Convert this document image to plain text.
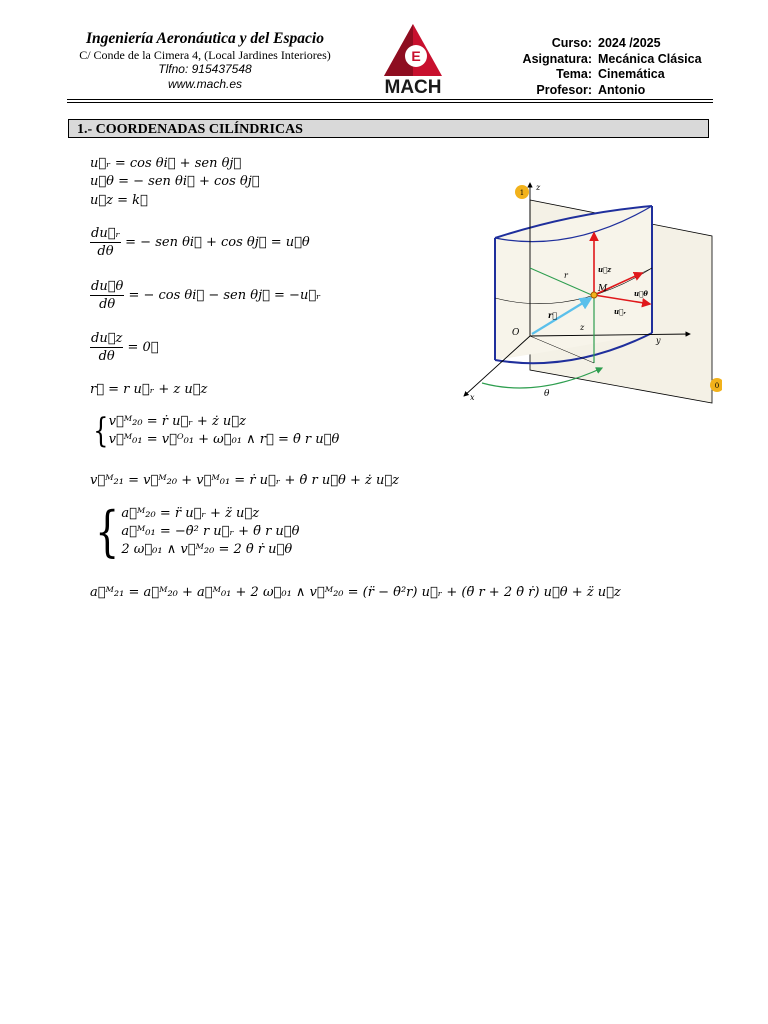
Ingeniería Aeronáutica y del Espacio
C/ Conde de la Cimera 4, (Local Jardines Interiores)
Tlfno: 915437548
www.mach.es
E
MACH
Curso: 2024 /2025
Asignatura: Mecánica Clásica
Tema: Cinemática
Profesor: Antonio
1.- COORDENADAS CILÍNDRICAS
u⃗ᵣ = cos θi⃗ + sen θj⃗
u⃗θ = − sen θi⃗ + cos θj⃗
u⃗z = k⃗
$\frac{\text{du⃗ᵣ}}{d\theta}$ = − sen θi⃗ + cos θj⃗ = u⃗θ
$\frac{du⃗\theta}{d\theta}$ = − cos θi⃗ − sen θj⃗ = −u⃗ᵣ
$\frac{du⃗z}{d\theta}$ = 0⃗
r⃗ = r u⃗ᵣ + z u⃗z
{ v⃗ᴹ₂₀ = ṙ u⃗ᵣ + ż u⃗z
v⃗ᴹ₀₁ = v⃗ᴼ₀₁ + ω⃗₀₁ ∧ r⃗ = θ̇ r u⃗θ
v⃗ᴹ₂₁ = v⃗ᴹ₂₀ + v⃗ᴹ₀₁ = ṙ u⃗ᵣ + θ̇ r u⃗θ + ż u⃗z
{ a⃗ᴹ₂₀ = r̈ u⃗ᵣ + z̈ u⃗z
a⃗ᴹ₀₁ = −θ̇² r u⃗ᵣ + θ̈ r u⃗θ
2 ω⃗₀₁ ∧ v⃗ᴹ₂₀ = 2 θ̇ ṙ u⃗θ
a⃗ᴹ₂₁ = a⃗ᴹ₂₀ + a⃗ᴹ₀₁ + 2 ω⃗₀₁ ∧ v⃗ᴹ₂₀ = (r̈ − θ̇²r) u⃗ᵣ + (θ̈ r + 2 θ̇ ṙ) u⃗θ + z̈ u⃗z
z
y
x
O
M
r
z
θ
r⃗
u⃗z
u⃗θ
u⃗ᵣ
1
0
